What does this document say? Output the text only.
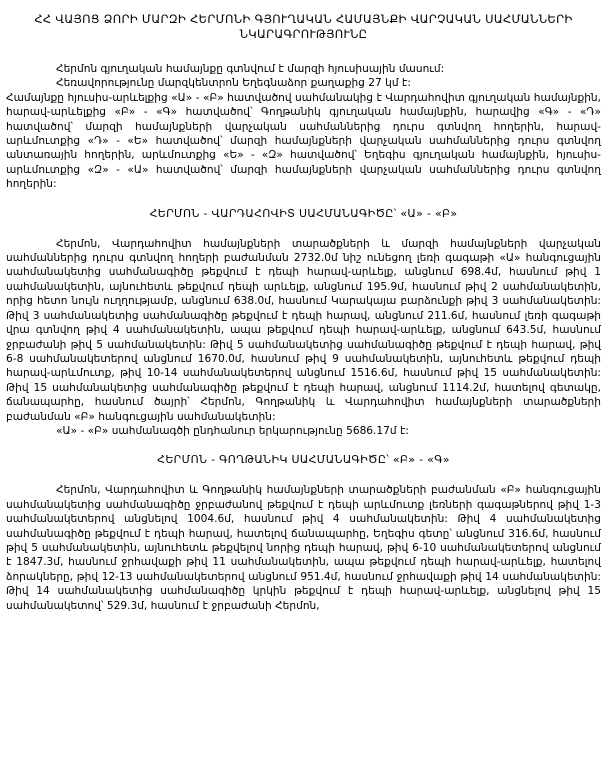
ՀՀ ՎԱՅՈՑ ՁՈՐԻ ՄԱՐԶԻ ՀԵՐՄՈՆԻ ԳՅՈՒՂԱԿԱՆ ՀԱՄԱՅՆՔԻ ՎԱՐՉԱԿԱՆ ՍԱՀՄԱՆՆԵՐԻ ՆԿԱՐԱԳՐՈՒԹՅՈՒՆԸ

Հերմոն գյուղական համայնքը գտնվում է մարզի հյուսիսային մասում:

Հեռավորությունը մարզկենտրոն Եղեգնաձոր քաղաքից 27 կմ է:

Համայնքը հյուսիս-արևելքից «Ա» - «Բ» հատվածով սահմանակից է Վարդահովիտ գյուղական համայնքին, հարավ-արևելքից «Բ» - «Գ» հատվածով՝ Գողթանիկ գյուղական համայնքին, հարավից «Գ» - «Դ» հատվածով՝ մարզի համայնքների վարչական սահմաններից դուրս գտնվող հողերին, հարավ-արևմուտքից «Դ» - «Ե» հատվածով՝ մարզի համայնքների վարչական սահմաններից դուրս գտնվող անտառային հողերին, արևմուտքից «Ե» - «Զ» հատվածով՝ Եղեգիս գյուղական համայնքին, հյուսիս-արևմուտքից «Զ» - «Ա» հատվածով՝ մարզի համայնքների վարչական սահմաններից դուրս գտնվող հողերին:

ՀԵՐՄՈՆ - ՎԱՐԴԱՀՈՎԻՏ ՍԱՀՄԱՆԱԳԻԾԸ՝ «Ա» - «Բ»

Հերմոն, Վարդահովիտ համայնքների տարածքների և մարզի համայնքների վարչական սահմաններից դուրս գտնվող հողերի բաժանման 2732.0մ նիշ ունեցող լեռի գագաթի «Ա» հանգուցային սահմանակետից սահմանագիծը թեքվում է դեպի հարավ-արևելք, անցնում 698.4մ, հասնում թիվ 1 սահմանակետին, այնուհետև թեքվում դեպի արևելք, անցնում 195.9մ, հասնում թիվ 2 սահմանակետին, որից հետո նույն ուղղությամբ, անցնում 638.0մ, հասնում Կարակայա բարձունքի թիվ 3 սահմանակետին: Թիվ 3 սահմանակետից սահմանագիծը թեքվում է դեպի հարավ, անցնում 211.6մ, հասնում լեռի գագաթի վրա գտնվող թիվ 4 սահմանակետին, ապա թեքվում դեպի հարավ-արևելք, անցնում 643.5մ, հասնում ջրբաժանի թիվ 5 սահմանակետին: Թիվ 5 սահմանակետից սահմանագիծը թեքվում է դեպի հարավ, թիվ 6-8 սահմանակետերով անցնում 1670.0մ, հասնում թիվ 9 սահմանակետին, այնուհետև թեքվում դեպի հարավ-արևմուտք, թիվ 10-14 սահմանակետերով անցնում 1516.6մ, հասնում թիվ 15 սահմանակետին: Թիվ 15 սահմանակետից սահմանագիծը թեքվում է դեպի հարավ, անցնում 1114.2մ, հատելով գետակը, ճանապարհը, հասնում ծայրի՝ Հերմոն, Գողթանիկ և Վարդահովիտ համայնքների տարածքների բաժանման «Բ» հանգուցային սահմանակետին:

«Ա» - «Բ» սահմանագծի ընդհանուր երկարությունը 5686.17մ է:

ՀԵՐՄՈՆ - ԳՈՂԹԱՆԻԿ ՍԱՀՄԱՆԱԳԻԾԸ՝ «Բ» - «Գ»

Հերմոն, Վարդահովիտ և Գողթանիկ համայնքների տարածքների բաժանման «Բ» հանգուցային սահմանակետից սահմանագիծը ջրբաժանով թեքվում է դեպի արևմուտք լեռների գագաթներով թիվ 1-3 սահմանակետերով անցնելով 1004.6մ, հասնում թիվ 4 սահմանակետին: Թիվ 4 սահմանակետից սահմանագիծը թեքվում է դեպի հարավ, հատելով ճանապարհը, Եղեգիս գետը՝ անցնում 316.6մ, հասնում թիվ 5 սահմանակետին, այնուհետև թեքվելով նորից դեպի հարավ, թիվ 6-10 սահմանակետերով անցնում է 1847.3մ, հասնում ջրհավաքի թիվ 11 սահմանակետին, ապա թեքվում դեպի հարավ-արևելք, հատելով ձորակները, թիվ 12-13 սահմանակետերով անցնում 951.4մ, հասնում ջրհավաքի թիվ 14 սահմանակետին: Թիվ 14 սահմանակետից սահմանագիծը կրկին թեքվում է դեպի հարավ-արևելք, անցնելով թիվ 15 սահմանակետով՝ 529.3մ, հասնում է ջրբաժանի Հերմոն,
